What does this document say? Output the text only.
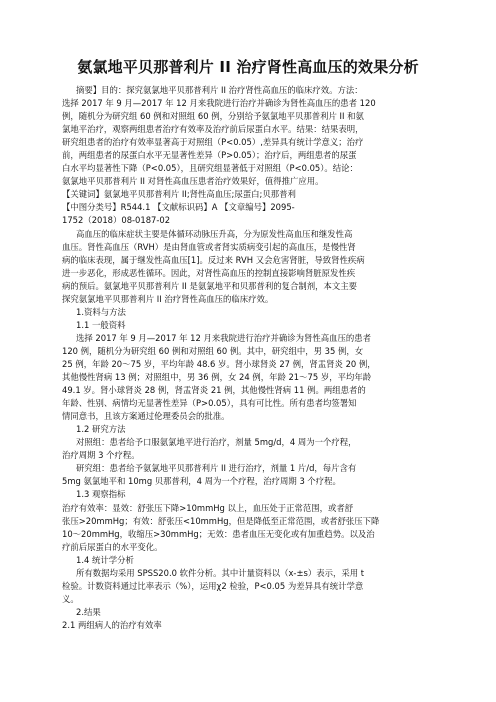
氨氯地平贝那普利片 II 治疗肾性高血压的效果分析
摘要】目的：探究氨氯地平贝那普利片 II 治疗肾性高血压的临床疗效。方法：
选择 2017 年 9 月—2017 年 12 月来我院进行治疗并确诊为肾性高血压的患者 120
例，随机分为研究组 60 例和对照组 60 例，分别给予氨氯地平贝那普利片 II 和氨
氯地平治疗，观察两组患者治疗有效率及治疗前后尿蛋白水平。结果：结果表明，
研究组患者的治疗有效率显著高于对照组（P<0.05）,差异具有统计学意义；治疗
前，两组患者的尿蛋白水平无显著性差异（P>0.05）；治疗后，两组患者的尿蛋
白水平均显著性下降（P<0.05），且研究组显著低于对照组（P<0.05）。结论：
氨氯地平贝那普利片 II 对肾性高血压患者治疗效果好，值得推广应用。
【关键词】氨氯地平贝那普利片 II;肾性高血压;尿蛋白;贝那普利
【中图分类号】R544.1 【文献标识码】A 【文章编号】2095-
1752（2018）08-0187-02
高血压的临床症状主要是体循环动脉压升高，分为原发性高血压和继发性高
血压。肾性高血压（RVH）是由肾血管或者肾实质病变引起的高血压，是慢性肾
病的临床表现，属于继发性高血压[1]。反过来 RVH 又会危害肾脏，导致肾性疾病
进一步恶化，形成恶性循环。因此，对肾性高血压的控制直接影响肾脏原发性疾
病的预后。氨氯地平贝那普利片 II 是氨氯地平和贝那普利的复合制剂，本文主要
探究氨氯地平贝那普利片 II 治疗肾性高血压的临床疗效。
1.资料与方法
1.1 一般资料
选择 2017 年 9 月—2017 年 12 月来我院进行治疗并确诊为肾性高血压的患者
120 例，随机分为研究组 60 例和对照组 60 例。其中，研究组中，男 35 例，女
25 例，年龄 20～75 岁，平均年龄 48.6 岁。肾小球肾炎 27 例，肾盂肾炎 20 例，
其他慢性肾病 13 例；对照组中，男 36 例，女 24 例，年龄 21～75 岁，平均年龄
49.1 岁。肾小球肾炎 28 例，肾盂肾炎 21 例，其他慢性肾病 11 例。两组患者的
年龄、性别、病情均无显著性差异（P>0.05），具有可比性。所有患者均签署知
情同意书，且该方案通过伦理委员会的批准。
1.2 研究方法
对照组：患者给予口服氨氯地平进行治疗，剂量 5mg/d，4 周为一个疗程，
治疗周期 3 个疗程。
研究组：患者给予氨氯地平贝那普利片 II 进行治疗，剂量 1 片/d，每片含有
5mg 氨氯地平和 10mg 贝那普利，4 周为一个疗程，治疗周期 3 个疗程。
1.3 观察指标
治疗有效率：显效：舒张压下降>10mmHg 以上，血压处于正常范围，或者舒
张压>20mmHg；有效：舒张压<10mmHg，但是降低至正常范围，或者舒张压下降
10～20mmHg，收缩压>30mmHg；无效：患者血压无变化或有加重趋势。以及治
疗前后尿蛋白的水平变化。
1.4 统计学分析
所有数据均采用 SPSS20.0 软件分析。其中计量资料以（x-±s）表示，采用 t
检验。计数资料通过比率表示（%），运用χ2 检验，P<0.05 为差异具有统计学意
义。
2.结果
2.1 两组病人的治疗有效率
